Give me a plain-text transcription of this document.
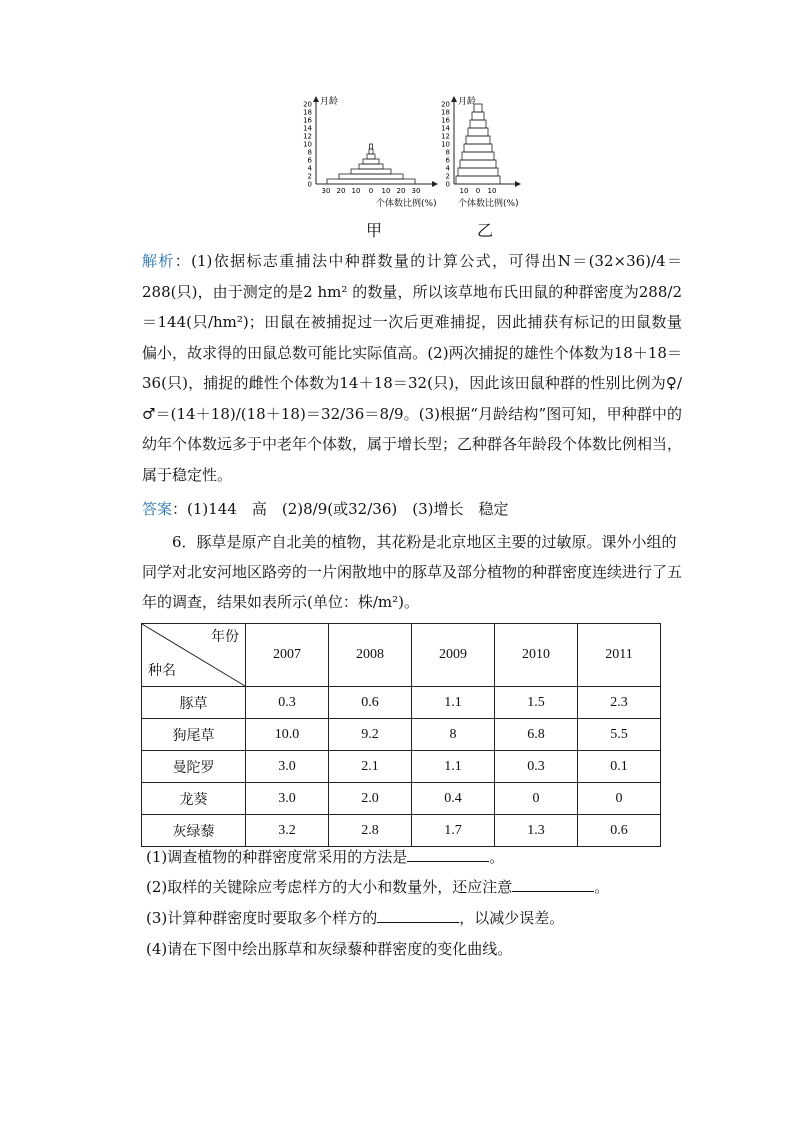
月龄
20
18
16
14
12
10
8
6
4
2
0
30 20 10 0 10 20 30
甲
月龄
20
18
16
14
12
10
8
6
4
2
0
10 0 10
乙
个体数比例(%) 个体数比例(%)

解析：(1)依据标志重捕法中种群数量的计算公式，可得出N＝(32×36)/4＝288(只)，由于测定的是2 hm² 的数量，所以该草地布氏田鼠的种群密度为288/2＝144(只/hm²)；田鼠在被捕捉过一次后更难捕捉，因此捕获有标记的田鼠数量偏小，故求得的田鼠总数可能比实际值高。(2)两次捕捉的雄性个体数为18＋18＝36(只)，捕捉的雌性个体数为14＋18＝32(只)，因此该田鼠种群的性别比例为♀/♂＝(14＋18)/(18＋18)＝32/36＝8/9。(3)根据“月龄结构”图可知，甲种群中的幼年个体数远多于中老年个体数，属于增长型；乙种群各年龄段个体数比例相当，属于稳定性。

答案：(1)144　高　(2)8/9(或32/36)　(3)增长　稳定

6．豚草是原产自北美的植物，其花粉是北京地区主要的过敏原。课外小组的同学对北安河地区路旁的一片闲散地中的豚草及部分植物的种群密度连续进行了五年的调查，结果如表所示(单位：株/m²)。

年份
种名	2007	2008	2009	2010	2011
豚草	0.3	0.6	1.1	1.5	2.3
狗尾草	10.0	9.2	8	6.8	5.5
曼陀罗	3.0	2.1	1.1	0.3	0.1
龙葵	3.0	2.0	0.4	0	0
灰绿藜	3.2	2.8	1.7	1.3	0.6
(1)调查植物的种群密度常采用的方法是	。
(2)取样的关键除应考虑样方的大小和数量外，还应注意	。
(3)计算种群密度时要取多个样方的	，以减少误差。
(4)请在下图中绘出豚草和灰绿藜种群密度的变化曲线。
